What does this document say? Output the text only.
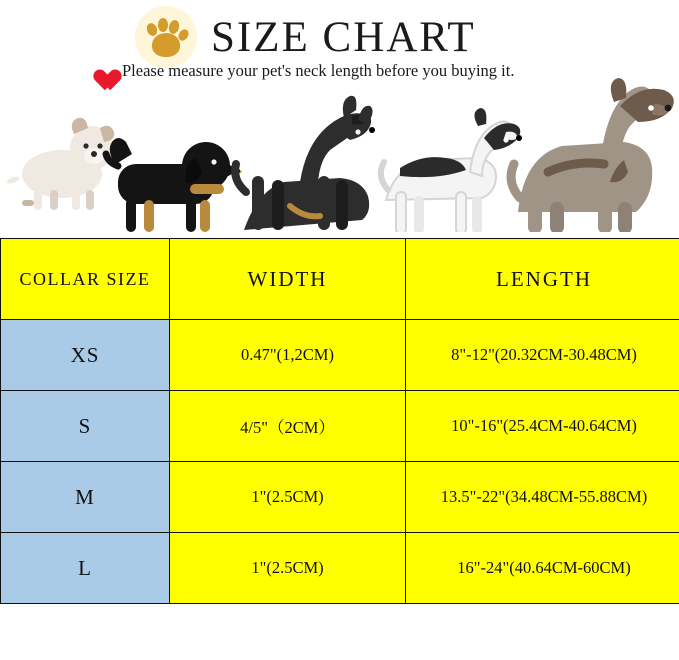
SIZE CHART
Please measure your pet's neck length before you buying it.
COLLAR SIZE	WIDTH	LENGTH
XS	0.47"(1,2CM)	8"-12"(20.32CM-30.48CM)
S	4/5"（2CM）	10"-16"(25.4CM-40.64CM)
M	1"(2.5CM)	13.5"-22"(34.48CM-55.88CM)
L	1"(2.5CM)	16"-24"(40.64CM-60CM)
